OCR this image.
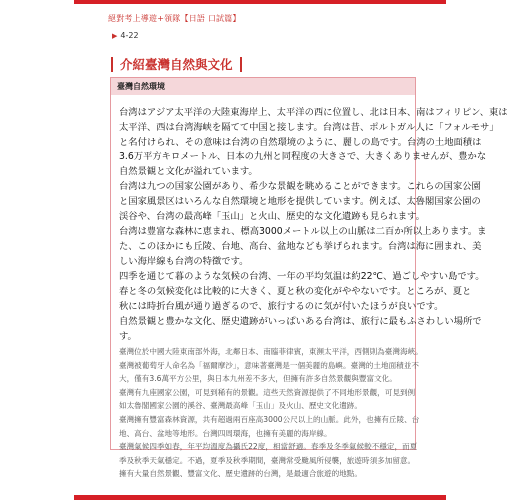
絕對考上導遊+領隊【日語 口試篇】
▶ 4-22
介紹臺灣自然與文化
臺灣自然環境
台湾はアジア太平洋の大陸東海岸上、太平洋の西に位置し、北は日本、南はフィリピン、東は
太平洋、西は台湾海峡を隔てて中国と接します。台湾は昔、ポルトガル人に「フォルモサ」
と名付けられ、その意味は台湾の自然環境のように、麗しの島です。台湾の土地面積は
3.6万平方キロメートル、日本の九州と同程度の大きさで、大きくありませんが、豊かな
自然景観と文化が溢れています。
台湾は九つの国家公園があり、希少な景観を眺めることができます。これらの国家公園
と国家風景区はいろんな自然環境と地形を提供しています。例えば、太魯閣国家公園の
渓谷や、台湾の最高峰「玉山」と火山、歴史的な文化遺跡も見られます。
台湾は豊富な森林に恵まれ、標高3000メートル以上の山脈は二百か所以上あります。ま
た、このほかにも丘陵、台地、高台、盆地なども挙げられます。台湾は海に囲まれ、美
しい海岸線も台湾の特徴です。
四季を通じて暮のような気候の台湾、一年の平均気温は約22℃、過ごしやすい島です。
春と冬の気候変化は比較的に大きく、夏と秋の変化がややないです。ところが、夏と
秋には時折台風が通り過ぎるので、旅行するのに気が付いたほうが良いです。
自然景観と豊かな文化、歴史遺跡がいっぱいある台湾は、旅行に最もふさわしい場所で
す。
臺灣位於中國大陸東南部外海，北鄰日本、南臨菲律賓，東瀕太平洋，西側則為臺灣海峽。
臺灣被葡萄牙人命名為「福爾摩沙」，意味著臺灣是一個美麗的島嶼。臺灣的土地面積並不
大，僅有3.6萬平方公里，與日本九州差不多大，但擁有許多自然景觀與豐富文化。
臺灣有九座國家公園，可見到稀有的景觀。這些天然資源提供了不同地形景觀，可見到例
如太魯閣國家公園的溪谷、臺灣最高峰「玉山」及火山、歷史文化遺跡。
臺灣擁有豐富森林資源，共有超過兩百座高3000公尺以上的山脈。此外，也擁有丘陵、台
地、高台、盆地等地形。台灣四周環海，也擁有美麗的海岸線。
臺灣氣候四季如春，年平均溫度為攝氏22度，相當舒適。春季及冬季氣候較不穩定，而夏
季及秋季天氣穩定。不過，夏季及秋季期間，臺灣常受颱風所侵襲，旅遊時須多加留意。
擁有大量自然景觀、豐富文化、歷史遺跡的台灣，是最適合旅遊的地點。
